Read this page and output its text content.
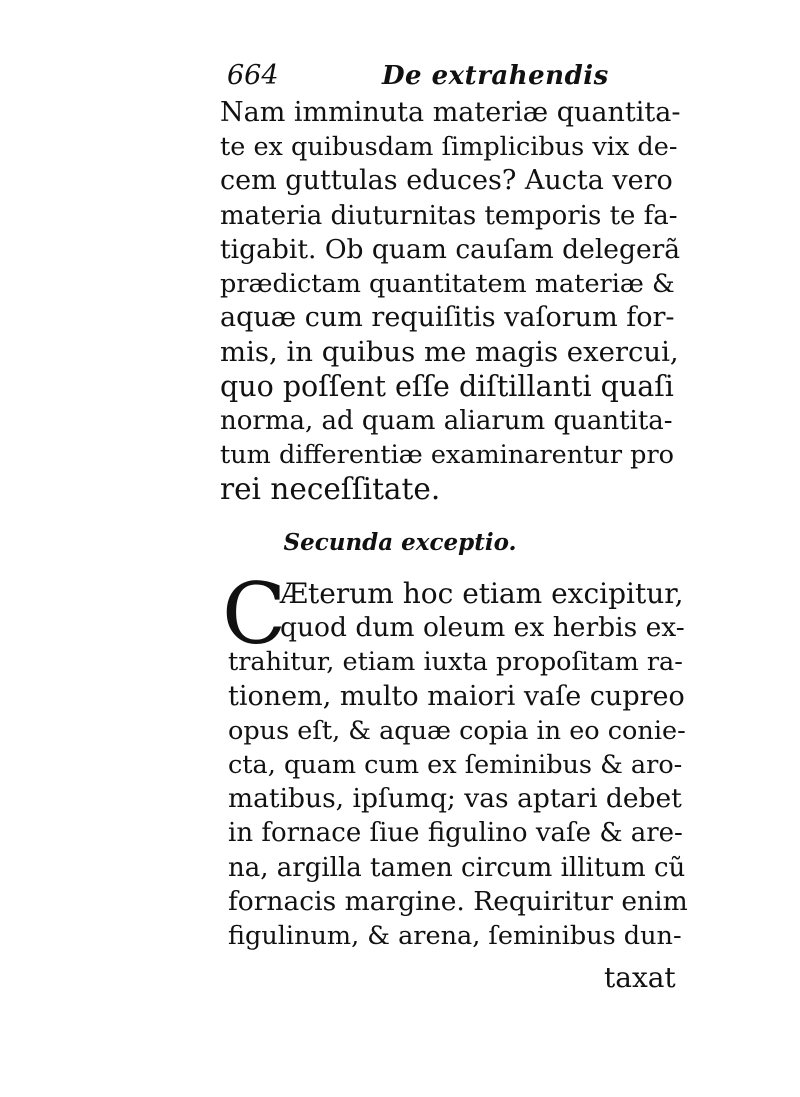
664	De extrahendis
Nam imminuta materiæ quantita-
te ex quibusdam ſimplicibus vix de-
cem guttulas educes? Aucta vero
materia diuturnitas temporis te fa-
tigabit. Ob quam cauſam delegerã
prædictam quantitatem materiæ &
aquæ cum requiſitis vaſorum for-
mis, in quibus me magis exercui,
quo poſſent eſſe diſtillanti quaſi
norma, ad quam aliarum quantita-
tum differentiæ examinarentur pro
rei neceſſitate.
Secunda exceptio.
C
Æterum hoc etiam excipitur,
quod dum oleum ex herbis ex-
trahitur, etiam iuxta propoſitam ra-
tionem, multo maiori vaſe cupreo
opus eſt, & aquæ copia in eo conie-
cta, quam cum ex ſeminibus & aro-
matibus, ipſumq; vas aptari debet
in fornace ſiue figulino vaſe & are-
na, argilla tamen circum illitum cũ
fornacis margine. Requiritur enim
figulinum, & arena, ſeminibus dun-
taxat
